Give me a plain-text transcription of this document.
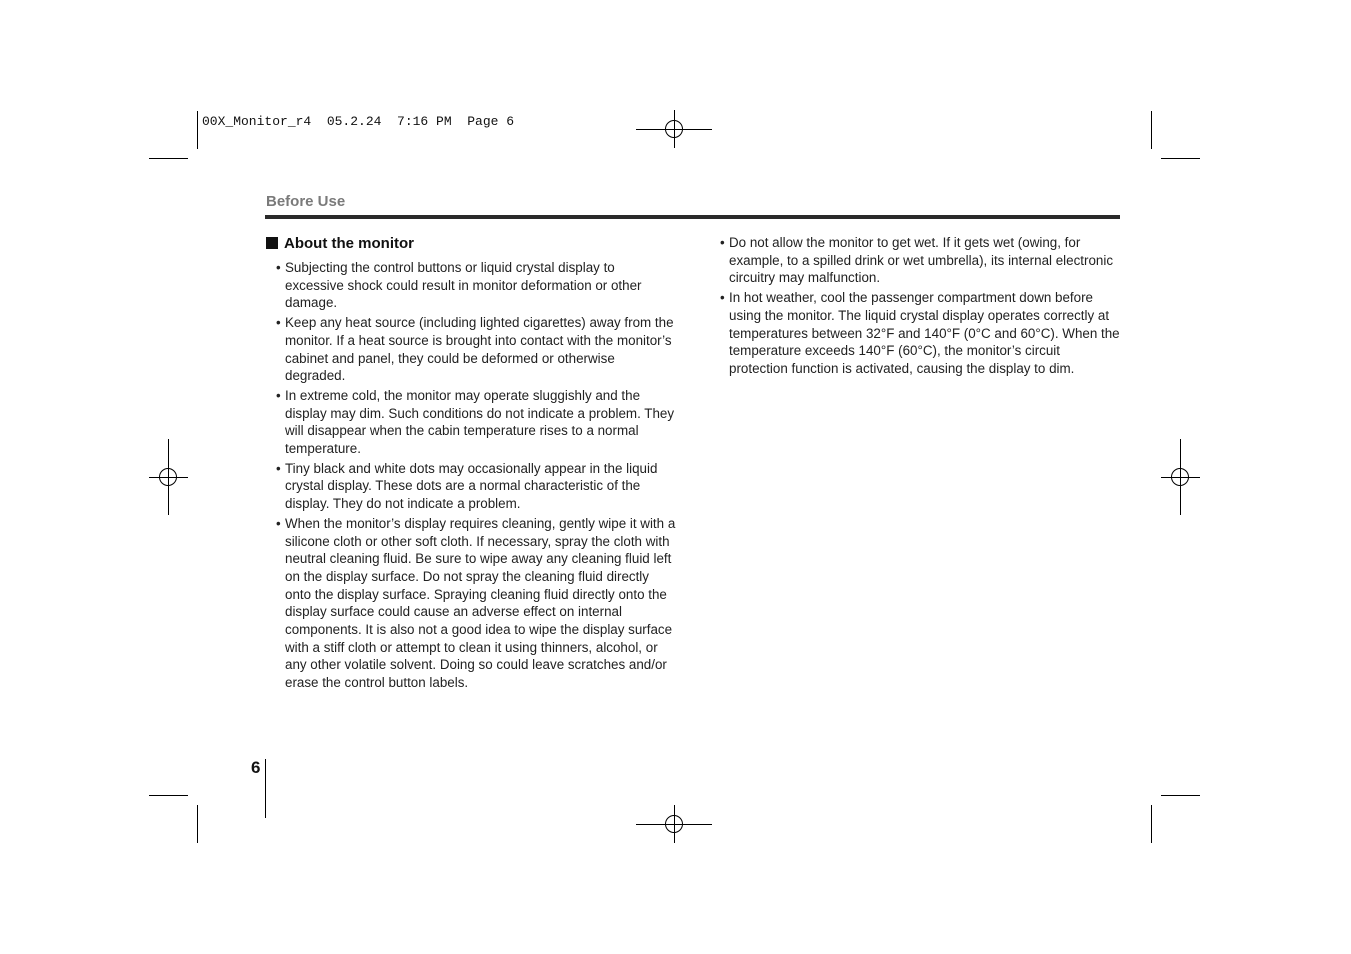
00X_Monitor_r4  05.2.24  7:16 PM  Page 6
Before Use
About the monitor
• Subjecting the control buttons or liquid crystal display to excessive shock could result in monitor deformation or other damage.
• Keep any heat source (including lighted cigarettes) away from the monitor. If a heat source is brought into contact with the monitor’s cabinet and panel, they could be deformed or otherwise degraded.
• In extreme cold, the monitor may operate sluggishly and the display may dim. Such conditions do not indicate a problem. They will disappear when the cabin temperature rises to a normal temperature.
• Tiny black and white dots may occasionally appear in the liquid crystal display. These dots are a normal characteristic of the display. They do not indicate a problem.
• When the monitor’s display requires cleaning, gently wipe it with a silicone cloth or other soft cloth. If necessary, spray the cloth with neutral cleaning fluid. Be sure to wipe away any cleaning fluid left on the display surface. Do not spray the cleaning fluid directly onto the display surface. Spraying cleaning fluid directly onto the display surface could cause an adverse effect on internal components. It is also not a good idea to wipe the display surface with a stiff cloth or attempt to clean it using thinners, alcohol, or any other volatile solvent. Doing so could leave scratches and/or erase the control button labels.
• Do not allow the monitor to get wet. If it gets wet (owing, for example, to a spilled drink or wet umbrella), its internal electronic circuitry may malfunction.
• In hot weather, cool the passenger compartment down before using the monitor. The liquid crystal display operates correctly at temperatures between 32°F and 140°F (0°C and 60°C). When the temperature exceeds 140°F (60°C), the monitor’s circuit protection function is activated, causing the display to dim.
6
